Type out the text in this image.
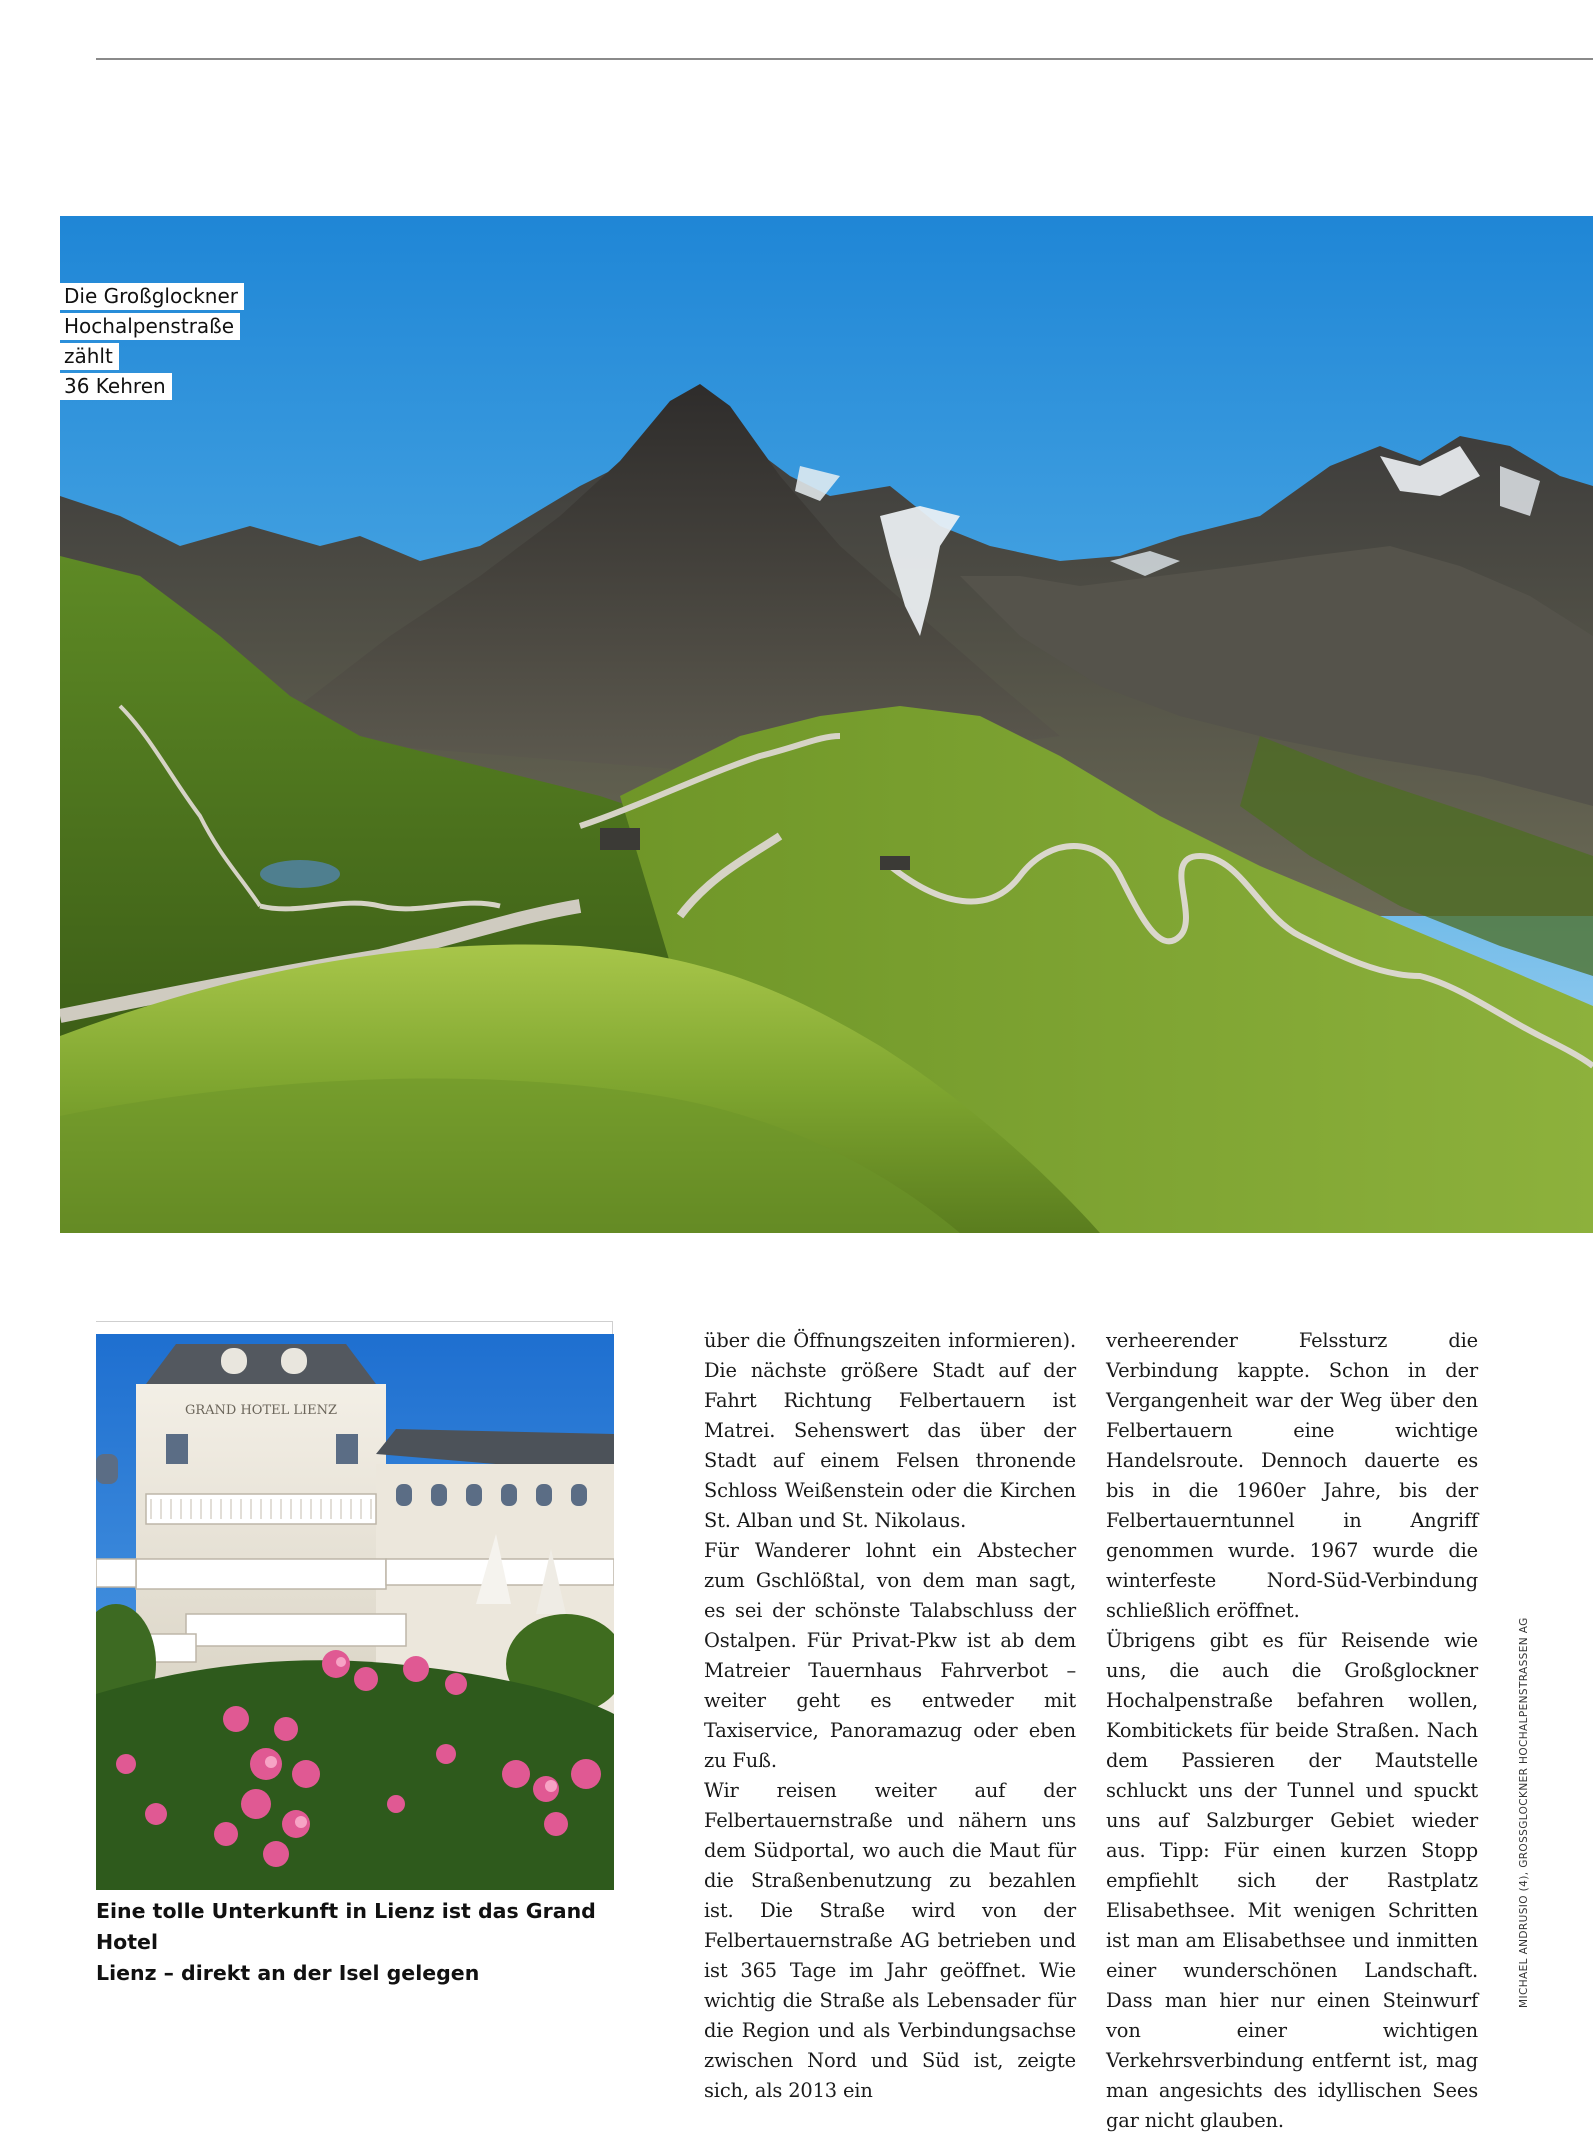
Die Großglockner
Hochalpenstraße zählt
36 Kehren
GRAND HOTEL LIENZ
Eine tolle Unterkunft in Lienz ist das Grand Hotel
Lienz – direkt an der Isel gelegen

über die Öffnungszeiten informieren). Die nächste größere Stadt auf der Fahrt Richtung Felbertauern ist Matrei. Sehenswert das über der Stadt auf einem Felsen thronende Schloss Weißenstein oder die Kirchen St. Alban und St. Nikolaus.

Für Wanderer lohnt ein Abstecher zum Gschlößtal, von dem man sagt, es sei der schönste Talabschluss der Ostalpen. Für Privat-Pkw ist ab dem Matreier Tauernhaus Fahrverbot – weiter geht es entweder mit Taxiservice, Panoramazug oder eben zu Fuß.

Wir reisen weiter auf der Felbertauernstraße und nähern uns dem Südportal, wo auch die Maut für die Straßenbenutzung zu bezahlen ist. Die Straße wird von der Felbertauernstraße AG betrieben und ist 365 Tage im Jahr geöffnet. Wie wichtig die Straße als Lebensader für die Region und als Verbindungsachse zwischen Nord und Süd ist, zeigte sich, als 2013 ein

verheerender Felssturz die Verbindung kappte. Schon in der Vergangenheit war der Weg über den Felbertauern eine wichtige Handelsroute. Dennoch dauerte es bis in die 1960er Jahre, bis der Felbertauerntunnel in Angriff genommen wurde. 1967 wurde die winterfeste Nord-Süd-Verbindung schließlich eröffnet.

Übrigens gibt es für Reisende wie uns, die auch die Großglockner Hochalpenstraße befahren wollen, Kombitickets für beide Straßen. Nach dem Passieren der Mautstelle schluckt uns der Tunnel und spuckt uns auf Salzburger Gebiet wieder aus. Tipp: Für einen kurzen Stopp empfiehlt sich der Rastplatz Elisabethsee. Mit wenigen Schritten ist man am Elisabethsee und inmitten einer wunderschönen Landschaft. Dass man hier nur einen Steinwurf von einer wichtigen Verkehrsverbindung entfernt ist, mag man angesichts des idyllischen Sees gar nicht glauben.

MICHAEL ANDRUSIO (4), GROSSGLOCKNER HOCHALPENSTRASSEN AG
